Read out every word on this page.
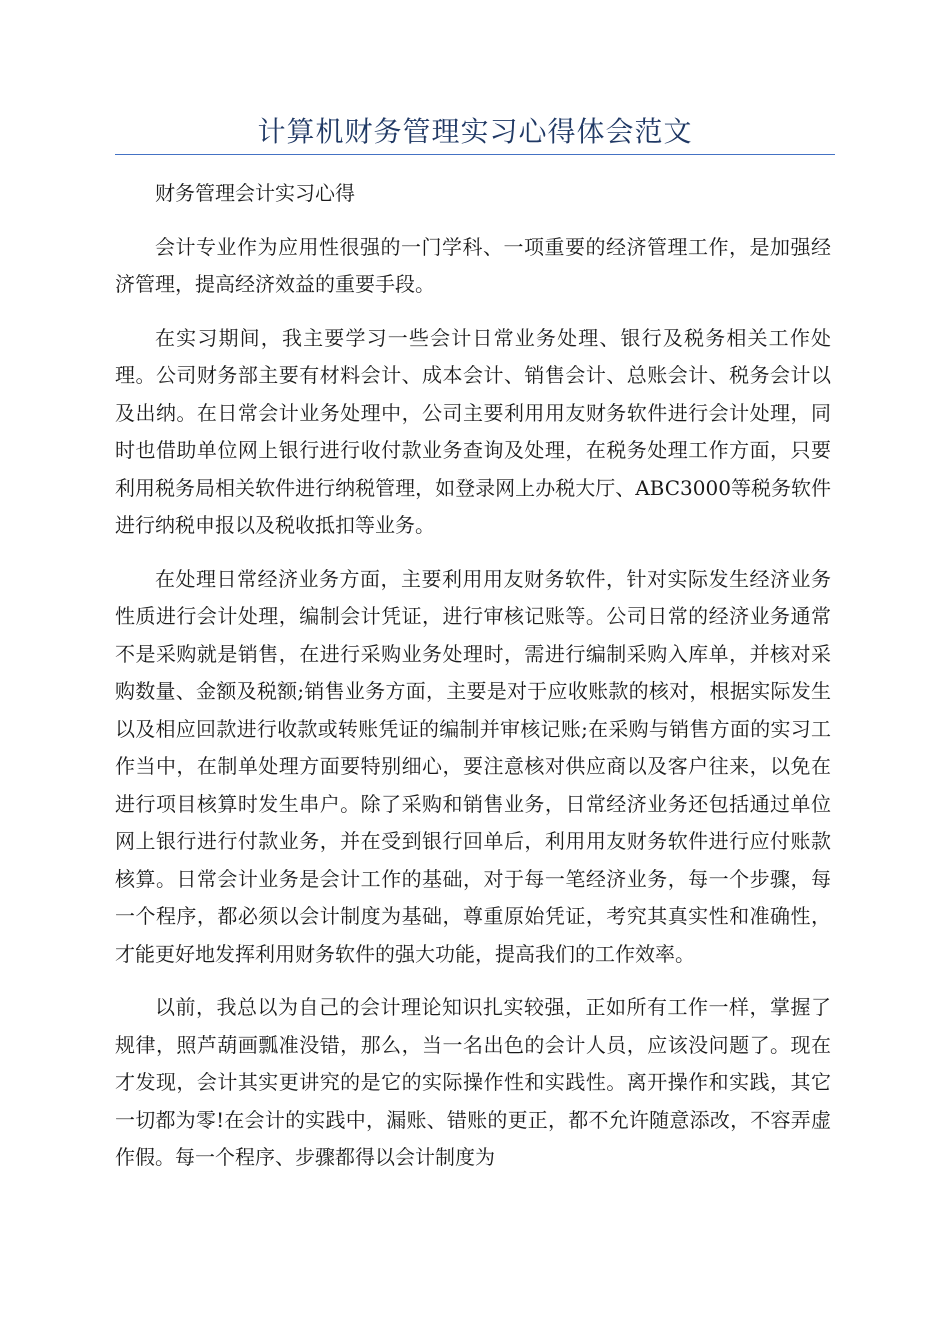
计算机财务管理实习心得体会范文

财务管理会计实习心得

会计专业作为应用性很强的一门学科、一项重要的经济管理工作，是加强经济管理，提高经济效益的重要手段。

在实习期间，我主要学习一些会计日常业务处理、银行及税务相关工作处理。公司财务部主要有材料会计、成本会计、销售会计、总账会计、税务会计以及出纳。在日常会计业务处理中，公司主要利用用友财务软件进行会计处理，同时也借助单位网上银行进行收付款业务查询及处理，在税务处理工作方面，只要利用税务局相关软件进行纳税管理，如登录网上办税大厅、ABC3000等税务软件进行纳税申报以及税收抵扣等业务。

在处理日常经济业务方面，主要利用用友财务软件，针对实际发生经济业务性质进行会计处理，编制会计凭证，进行审核记账等。公司日常的经济业务通常不是采购就是销售，在进行采购业务处理时，需进行编制采购入库单，并核对采购数量、金额及税额;销售业务方面，主要是对于应收账款的核对，根据实际发生以及相应回款进行收款或转账凭证的编制并审核记账;在采购与销售方面的实习工作当中，在制单处理方面要特别细心，要注意核对供应商以及客户往来，以免在进行项目核算时发生串户。除了采购和销售业务，日常经济业务还包括通过单位网上银行进行付款业务，并在受到银行回单后，利用用友财务软件进行应付账款核算。日常会计业务是会计工作的基础，对于每一笔经济业务，每一个步骤，每一个程序，都必须以会计制度为基础，尊重原始凭证，考究其真实性和准确性，才能更好地发挥利用财务软件的强大功能，提高我们的工作效率。

以前，我总以为自己的会计理论知识扎实较强，正如所有工作一样，掌握了规律，照芦葫画瓢准没错，那么，当一名出色的会计人员，应该没问题了。现在才发现，会计其实更讲究的是它的实际操作性和实践性。离开操作和实践，其它一切都为零!在会计的实践中，漏账、错账的更正，都不允许随意添改，不容弄虚作假。每一个程序、步骤都得以会计制度为
